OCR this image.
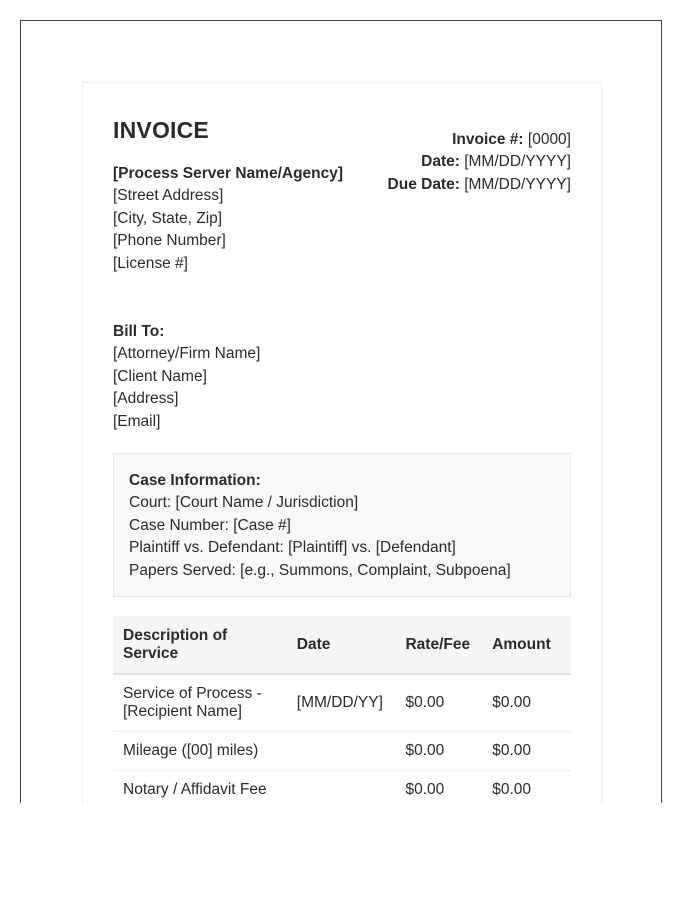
INVOICE
[Process Server Name/Agency]
[Street Address]
[City, State, Zip]
[Phone Number]
[License #]
Invoice #: [0000]
Date: [MM/DD/YYYY]
Due Date: [MM/DD/YYYY]
Bill To:
[Attorney/Firm Name]
[Client Name]
[Address]
[Email]
Case Information:
Court: [Court Name / Jurisdiction]
Case Number: [Case #]
Plaintiff vs. Defendant: [Plaintiff] vs. [Defendant]
Papers Served: [e.g., Summons, Complaint, Subpoena]
Description of Service	Date	Rate/Fee	Amount
Service of Process - [Recipient Name]	[MM/DD/YY]	$0.00	$0.00
Mileage ([00] miles)		$0.00	$0.00
Notary / Affidavit Fee		$0.00	$0.00
